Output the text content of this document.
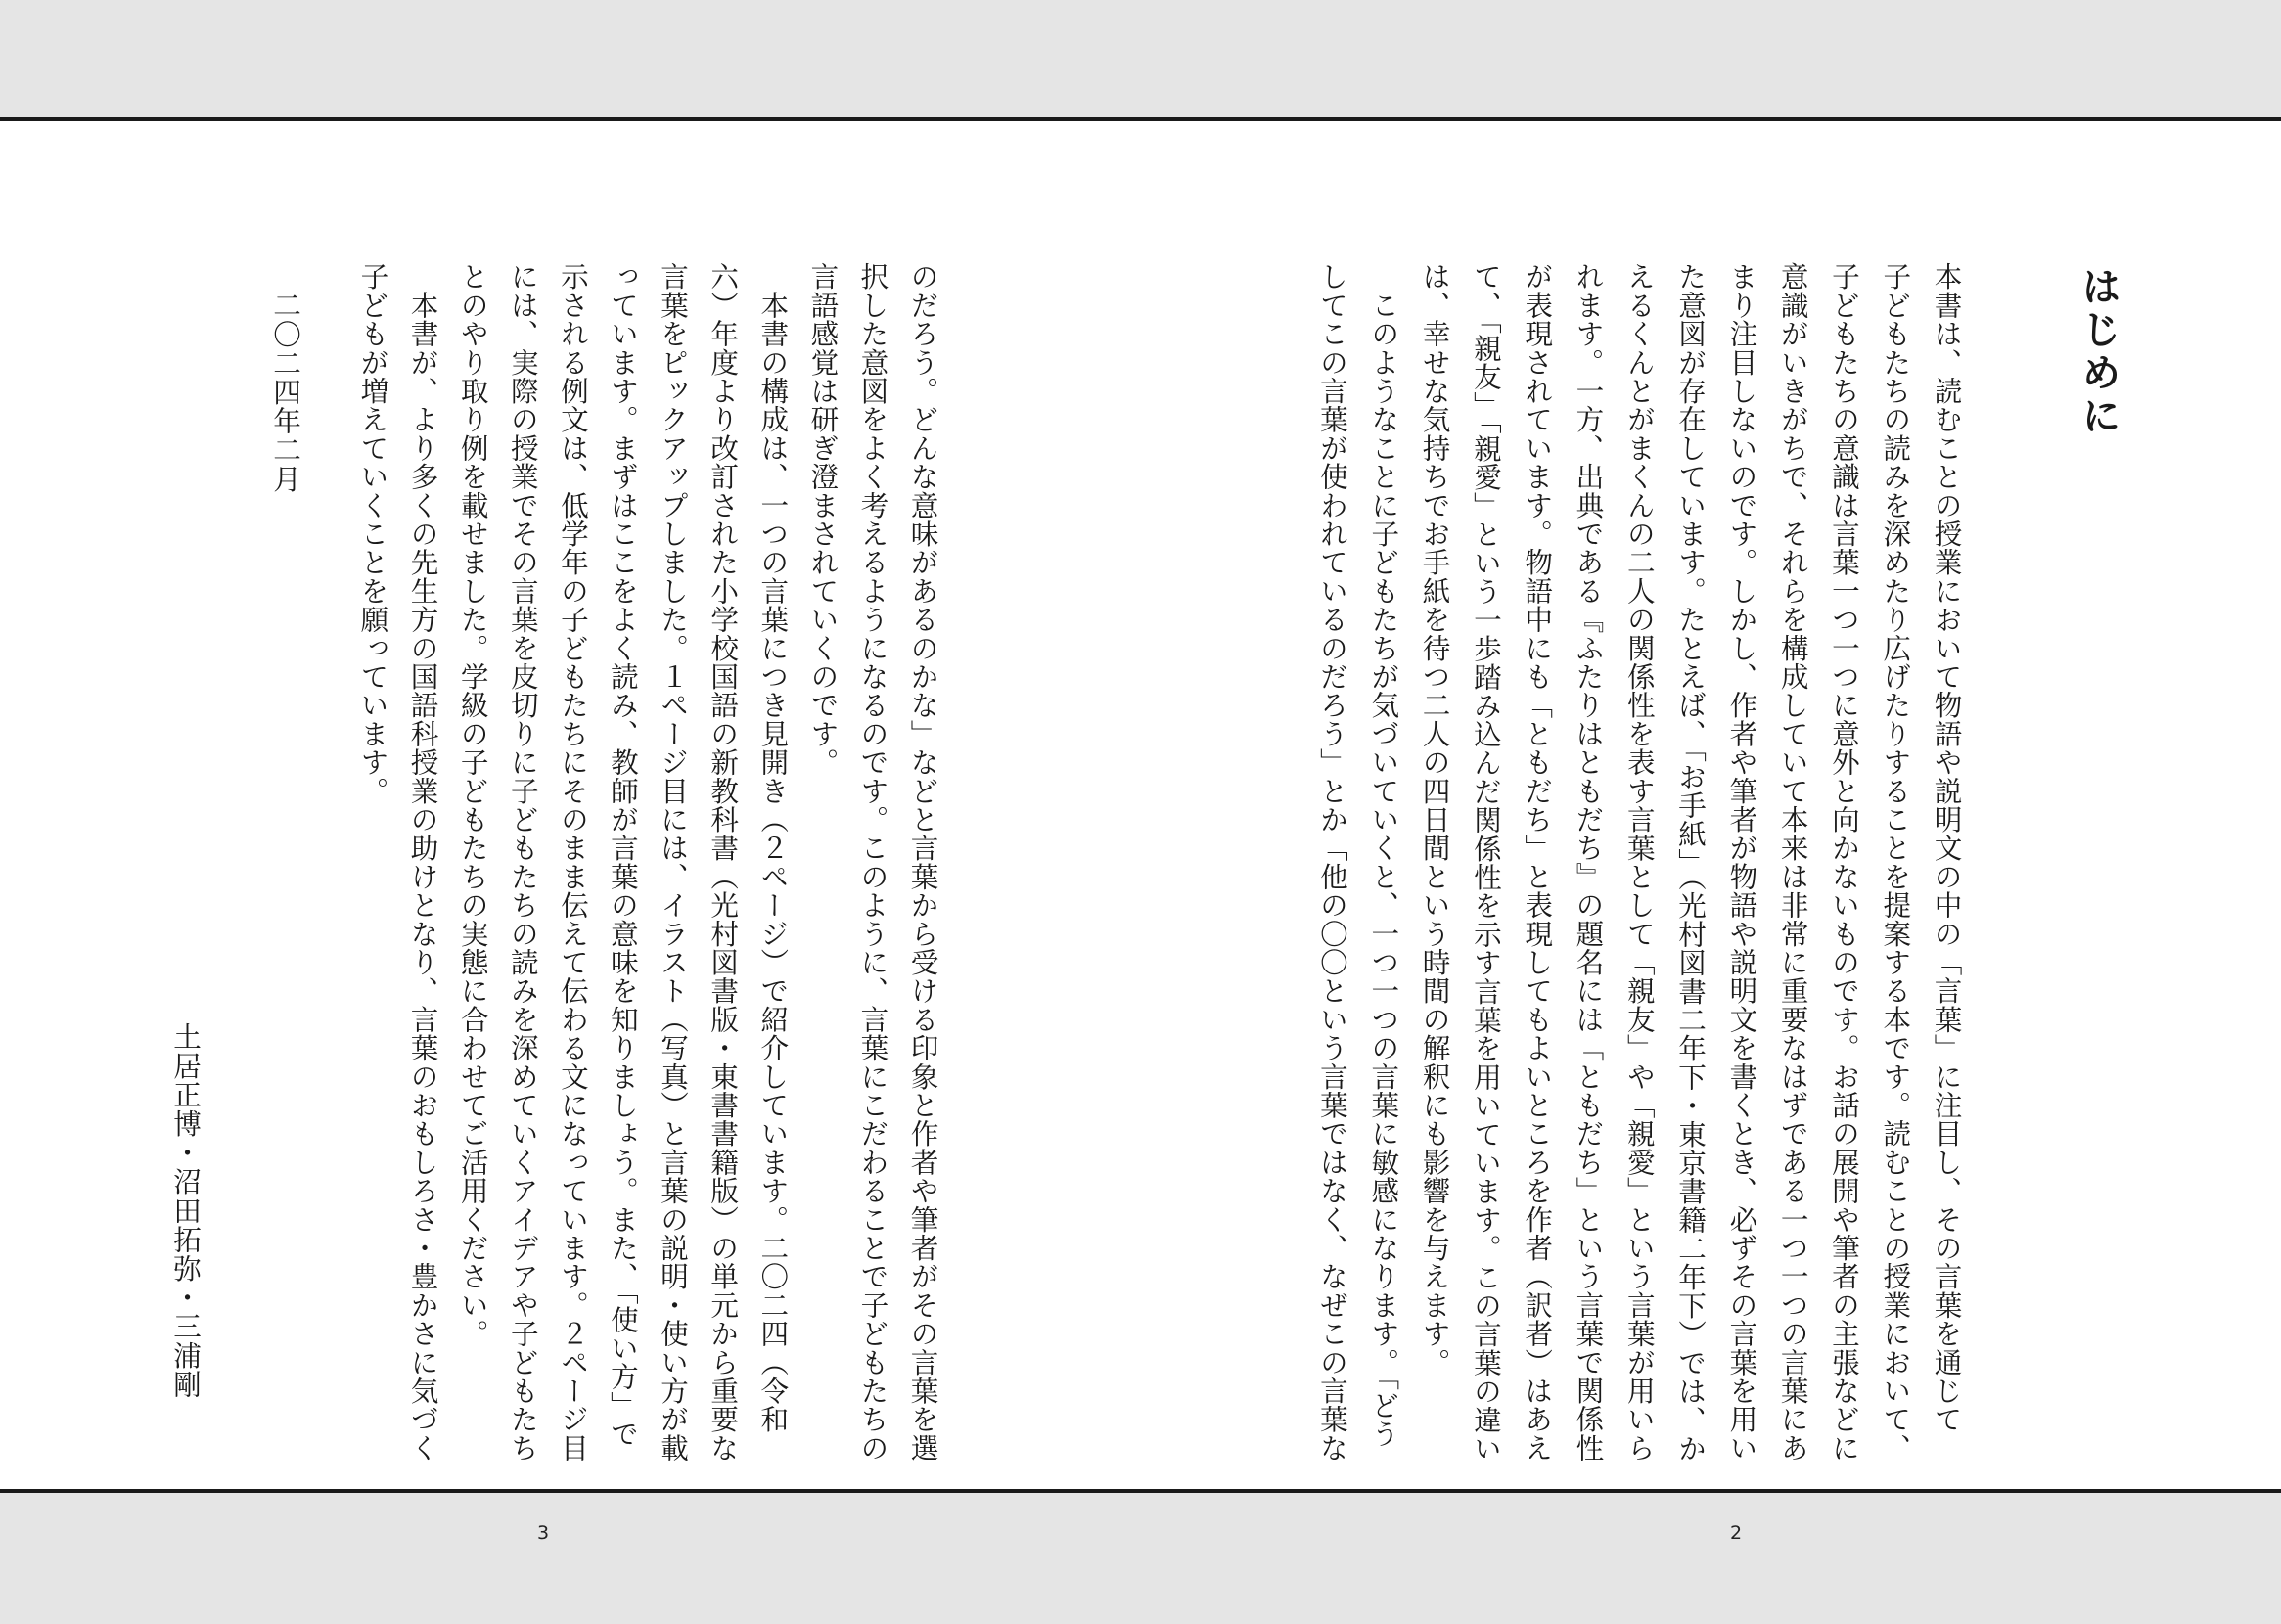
はじめに
本書は、読むことの授業において物語や説明文の中の「言葉」に注目し、その言葉を通じて
子どもたちの読みを深めたり広げたりすることを提案する本です。読むことの授業において、
子どもたちの意識は言葉一つ一つに意外と向かないものです。お話の展開や筆者の主張などに
意識がいきがちで、それらを構成していて本来は非常に重要なはずである一つ一つの言葉にあ
まり注目しないのです。しかし、作者や筆者が物語や説明文を書くとき、必ずその言葉を用い
た意図が存在しています。たとえば、「お手紙」（光村図書二年下・東京書籍二年下）では、か
えるくんとがまくんの二人の関係性を表す言葉として「親友」や「親愛」という言葉が用いら
れます。一方、出典である『ふたりはともだち』の題名には「ともだち」という言葉で関係性
が表現されています。物語中にも「ともだち」と表現してもよいところを作者（訳者）はあえ
て、「親友」「親愛」という一歩踏み込んだ関係性を示す言葉を用いています。この言葉の違い
は、幸せな気持ちでお手紙を待つ二人の四日間という時間の解釈にも影響を与えます。
　このようなことに子どもたちが気づいていくと、一つ一つの言葉に敏感になります。「どう
してこの言葉が使われているのだろう」とか「他の〇〇という言葉ではなく、なぜこの言葉な
のだろう。どんな意味があるのかな」などと言葉から受ける印象と作者や筆者がその言葉を選
択した意図をよく考えるようになるのです。このように、言葉にこだわることで子どもたちの
言語感覚は研ぎ澄まされていくのです。
　本書の構成は、一つの言葉につき見開き（２ページ）で紹介しています。二〇二四（令和
六）年度より改訂された小学校国語の新教科書（光村図書版・東書書籍版）の単元から重要な
言葉をピックアップしました。１ページ目には、イラスト（写真）と言葉の説明・使い方が載
っています。まずはここをよく読み、教師が言葉の意味を知りましょう。また、「使い方」で
示される例文は、低学年の子どもたちにそのまま伝えて伝わる文になっています。２ページ目
には、実際の授業でその言葉を皮切りに子どもたちの読みを深めていくアイデアや子どもたち
とのやり取り例を載せました。学級の子どもたちの実態に合わせてご活用ください。
　本書が、より多くの先生方の国語科授業の助けとなり、言葉のおもしろさ・豊かさに気づく
子どもが増えていくことを願っています。
二〇二四年二月
土居正博・沼田拓弥・三浦剛
3	2
